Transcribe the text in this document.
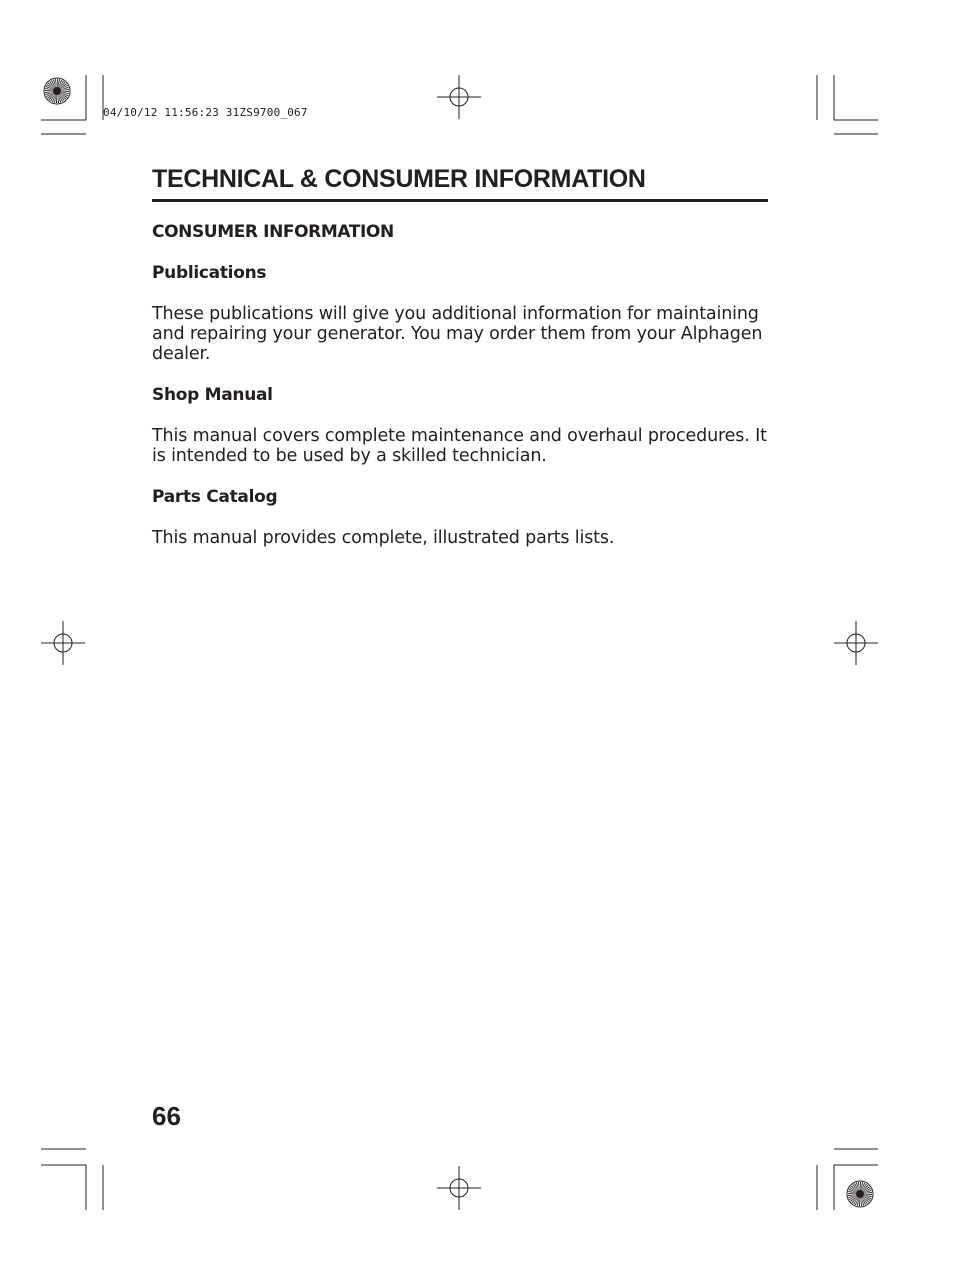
04/10/12 11:56:23 31ZS9700_067
TECHNICAL & CONSUMER INFORMATION
CONSUMER INFORMATION
Publications

These publications will give you additional information for maintaining and repairing your generator. You may order them from your Alphagen dealer.

Shop Manual

This manual covers complete maintenance and overhaul procedures. It is intended to be used by a skilled technician.

Parts Catalog

This manual provides complete, illustrated parts lists.

66
